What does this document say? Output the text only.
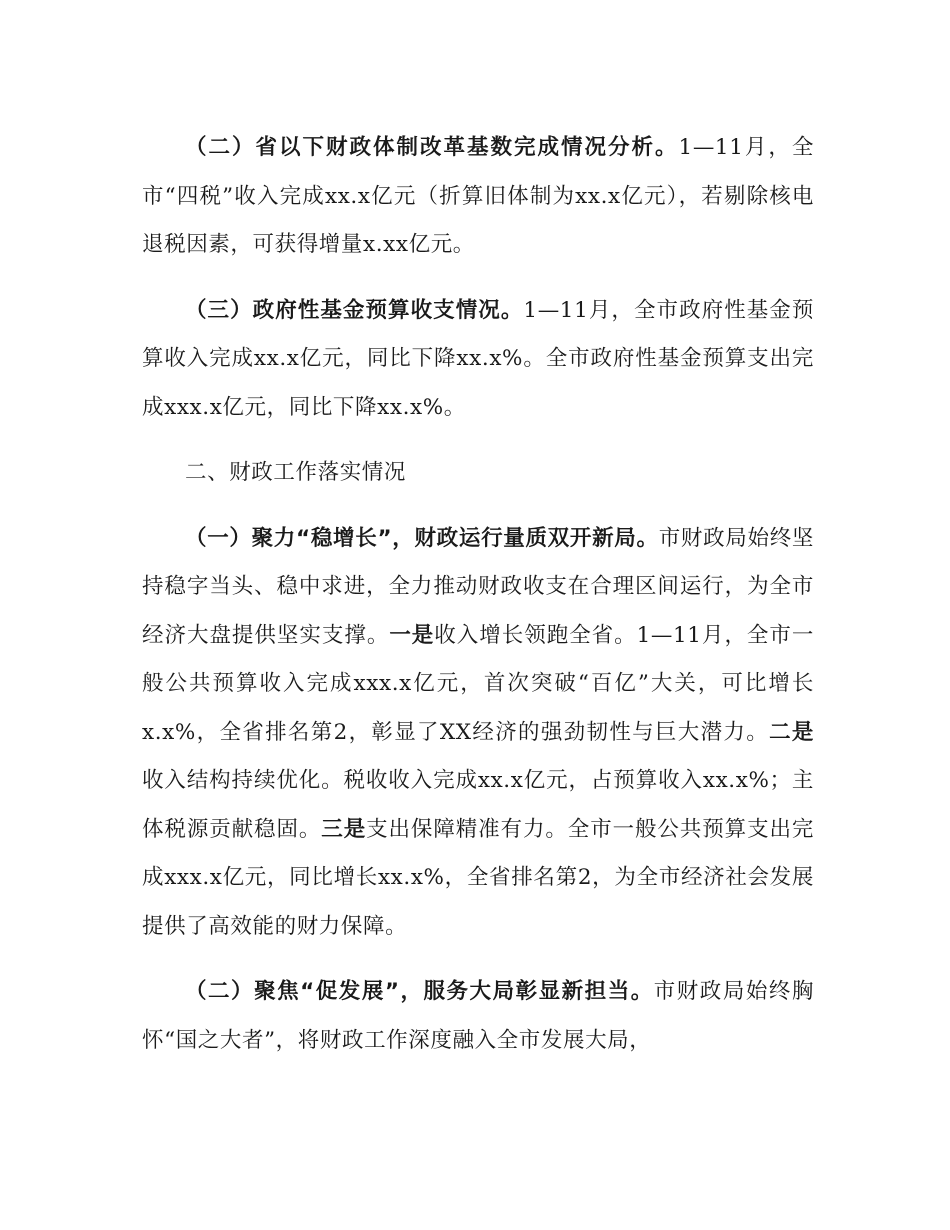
（二）省以下财政体制改革基数完成情况分析。1—11月，全市“四税”收入完成xx.x亿元（折算旧体制为xx.x亿元），若剔除核电退税因素，可获得增量x.xx亿元。

（三）政府性基金预算收支情况。1—11月，全市政府性基金预算收入完成xx.x亿元，同比下降xx.x%。全市政府性基金预算支出完成xxx.x亿元，同比下降xx.x%。

二、财政工作落实情况

（一）聚力“稳增长”，财政运行量质双开新局。市财政局始终坚持稳字当头、稳中求进，全力推动财政收支在合理区间运行，为全市经济大盘提供坚实支撑。一是收入增长领跑全省。1—11月，全市一般公共预算收入完成xxx.x亿元，首次突破“百亿”大关，可比增长x.x%，全省排名第2，彰显了XX经济的强劲韧性与巨大潜力。二是收入结构持续优化。税收收入完成xx.x亿元，占预算收入xx.x%；主体税源贡献稳固。三是支出保障精准有力。全市一般公共预算支出完成xxx.x亿元，同比增长xx.x%，全省排名第2，为全市经济社会发展提供了高效能的财力保障。

（二）聚焦“促发展”，服务大局彰显新担当。市财政局始终胸怀“国之大者”，将财政工作深度融入全市发展大局，
